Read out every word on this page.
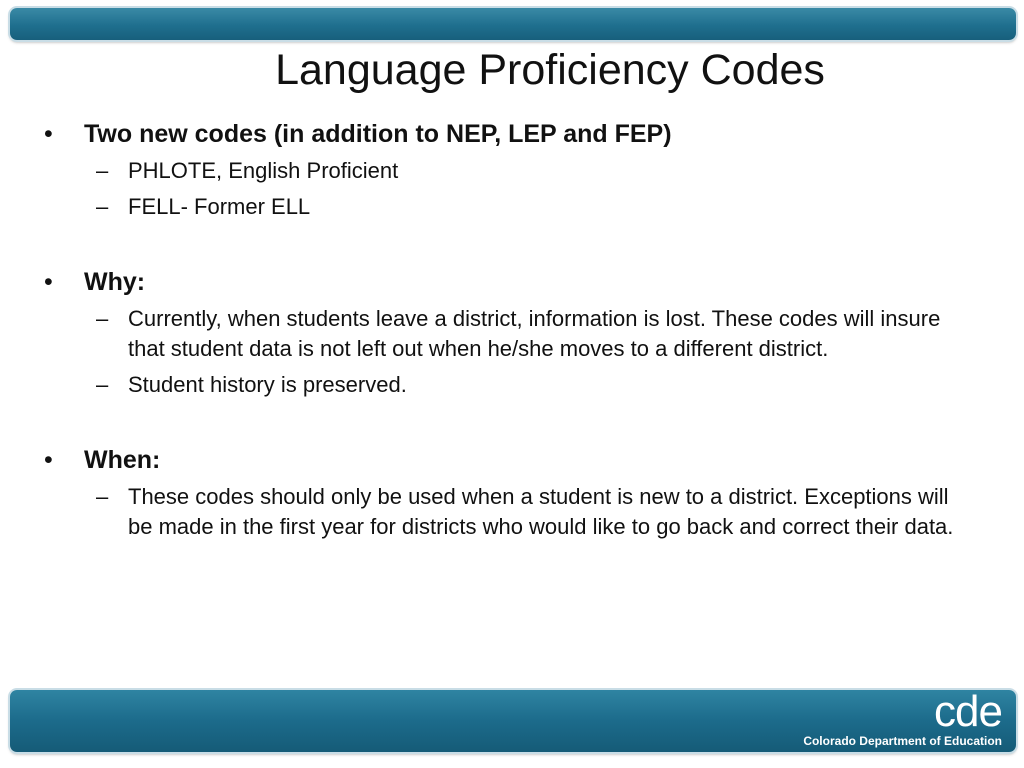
Language Proficiency Codes
•	Two new codes (in addition to NEP, LEP and FEP)
– PHLOTE, English Proficient
– FELL- Former ELL
•	Why:
– Currently, when students leave a district, information is lost. These codes will insure that student data is not left out when he/she moves to a different district.
– Student history is preserved.
•	When:
– These codes should only be used when a student is new to a district. Exceptions will be made in the first year for districts who would like to go back and correct their data.
cde
Colorado Department of Education
